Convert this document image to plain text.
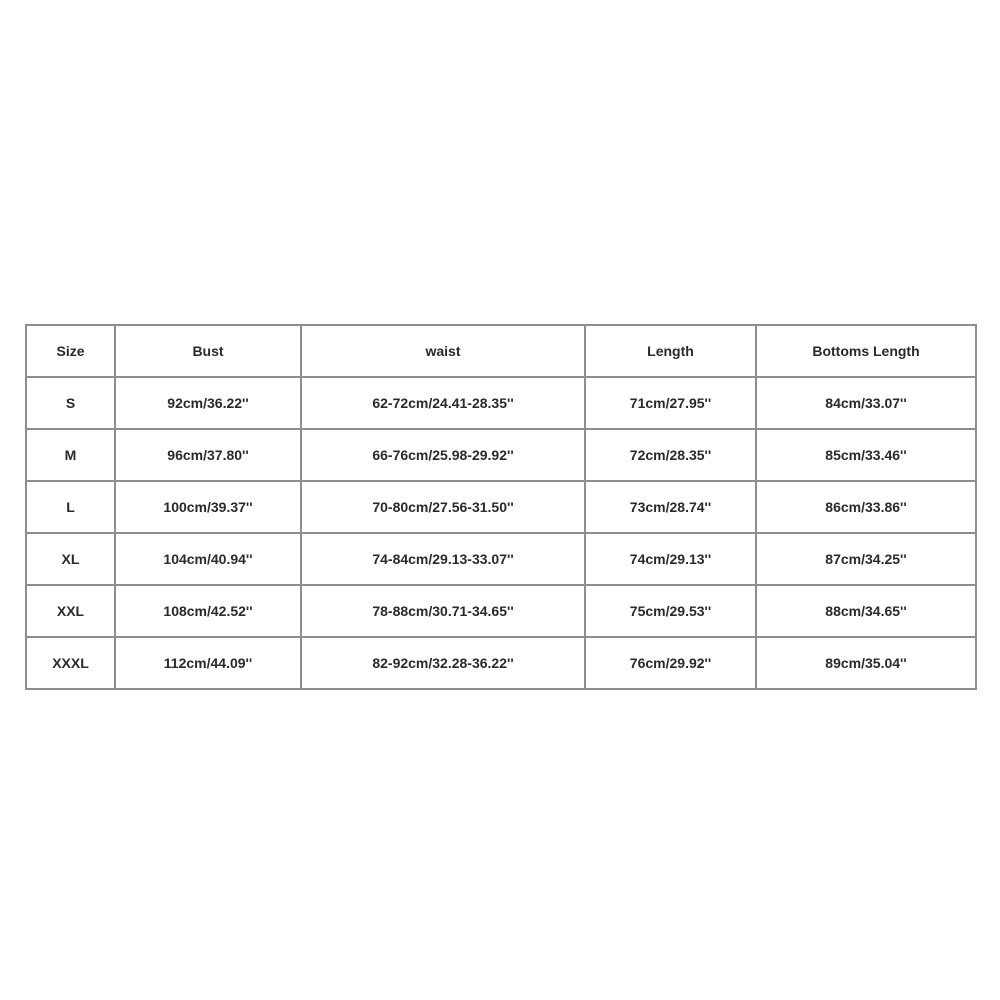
Size	Bust	waist	Length	Bottoms Length
S	92cm/36.22''	62-72cm/24.41-28.35''	71cm/27.95''	84cm/33.07''
M	96cm/37.80''	66-76cm/25.98-29.92''	72cm/28.35''	85cm/33.46''
L	100cm/39.37''	70-80cm/27.56-31.50''	73cm/28.74''	86cm/33.86''
XL	104cm/40.94''	74-84cm/29.13-33.07''	74cm/29.13''	87cm/34.25''
XXL	108cm/42.52''	78-88cm/30.71-34.65''	75cm/29.53''	88cm/34.65''
XXXL	112cm/44.09''	82-92cm/32.28-36.22''	76cm/29.92''	89cm/35.04''
